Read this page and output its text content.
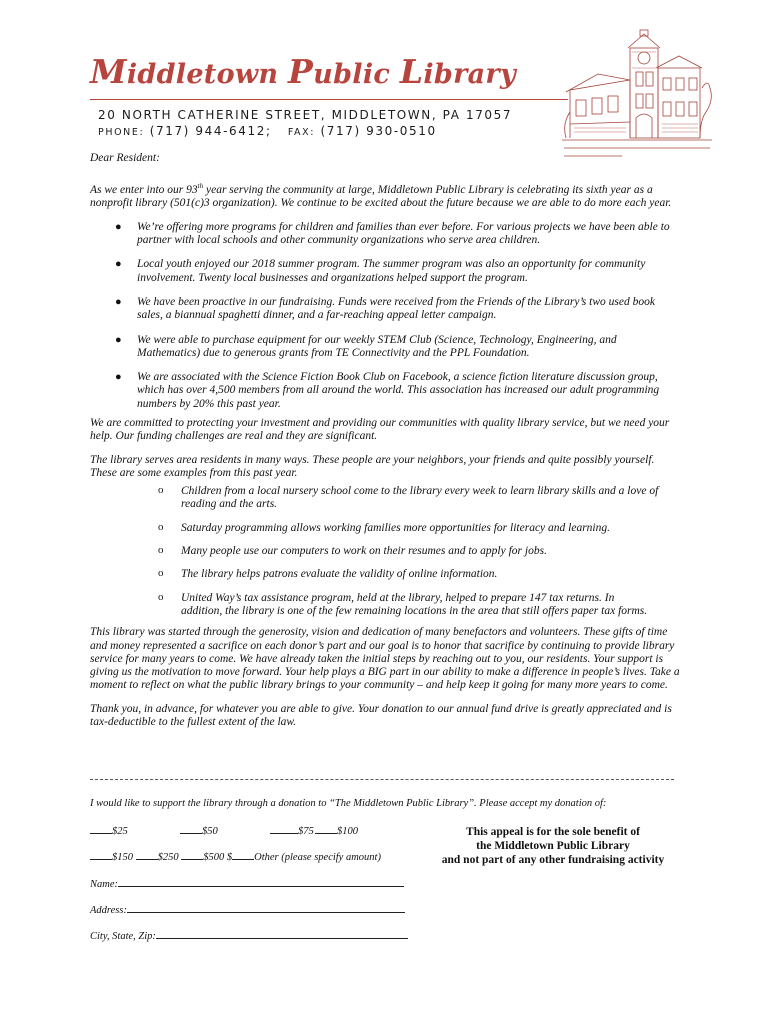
Middletown Public Library
20 NORTH CATHERINE STREET, MIDDLETOWN, PA 17057
PHONE: (717) 944-6412; FAX: (717) 930-0510

Dear Resident:

As we enter into our 93th year serving the community at large, Middletown Public Library is celebrating its sixth year as a nonprofit library (501(c)3 organization). We continue to be excited about the future because we are able to do more each year.

● We’re offering more programs for children and families than ever before. For various projects we have been able to partner with local schools and other community organizations who serve area children.
● Local youth enjoyed our 2018 summer program. The summer program was also an opportunity for community involvement. Twenty local businesses and organizations helped support the program.
● We have been proactive in our fundraising. Funds were received from the Friends of the Library’s two used book sales, a biannual spaghetti dinner, and a far-reaching appeal letter campaign.
● We were able to purchase equipment for our weekly STEM Club (Science, Technology, Engineering, and Mathematics) due to generous grants from TE Connectivity and the PPL Foundation.
● We are associated with the Science Fiction Book Club on Facebook, a science fiction literature discussion group, which has over 4,500 members from all around the world. This association has increased our adult programming numbers by 20% this past year.

We are committed to protecting your investment and providing our communities with quality library service, but we need your help. Our funding challenges are real and they are significant.

The library serves area residents in many ways. These people are your neighbors, your friends and quite possibly yourself. These are some examples from this past year.

o Children from a local nursery school come to the library every week to learn library skills and a love of reading and the arts.
o Saturday programming allows working families more opportunities for literacy and learning.
o Many people use our computers to work on their resumes and to apply for jobs.
o The library helps patrons evaluate the validity of online information.
o United Way’s tax assistance program, held at the library, helped to prepare 147 tax returns. In addition, the library is one of the few remaining locations in the area that still offers paper tax forms.

This library was started through the generosity, vision and dedication of many benefactors and volunteers. These gifts of time and money represented a sacrifice on each donor’s part and our goal is to honor that sacrifice by continuing to provide library service for many years to come. We have already taken the initial steps by reaching out to you, our residents. Your support is giving us the motivation to move forward. Your help plays a BIG part in our ability to make a difference in people’s lives. Take a moment to reflect on what the public library brings to your community – and help keep it going for many more years to come.

Thank you, in advance, for whatever you are able to give. Your donation to our annual fund drive is greatly appreciated and is tax-deductible to the fullest extent of the law.

I would like to support the library through a donation to “The Middletown Public Library”. Please accept my donation of:
$25	$50	$75	$100
$150 $250 $500 $ Other (please specify amount)
This appeal is for the sole benefit of
the Middletown Public Library
and not part of any other fundraising activity
Name:
Address:
City, State, Zip:
